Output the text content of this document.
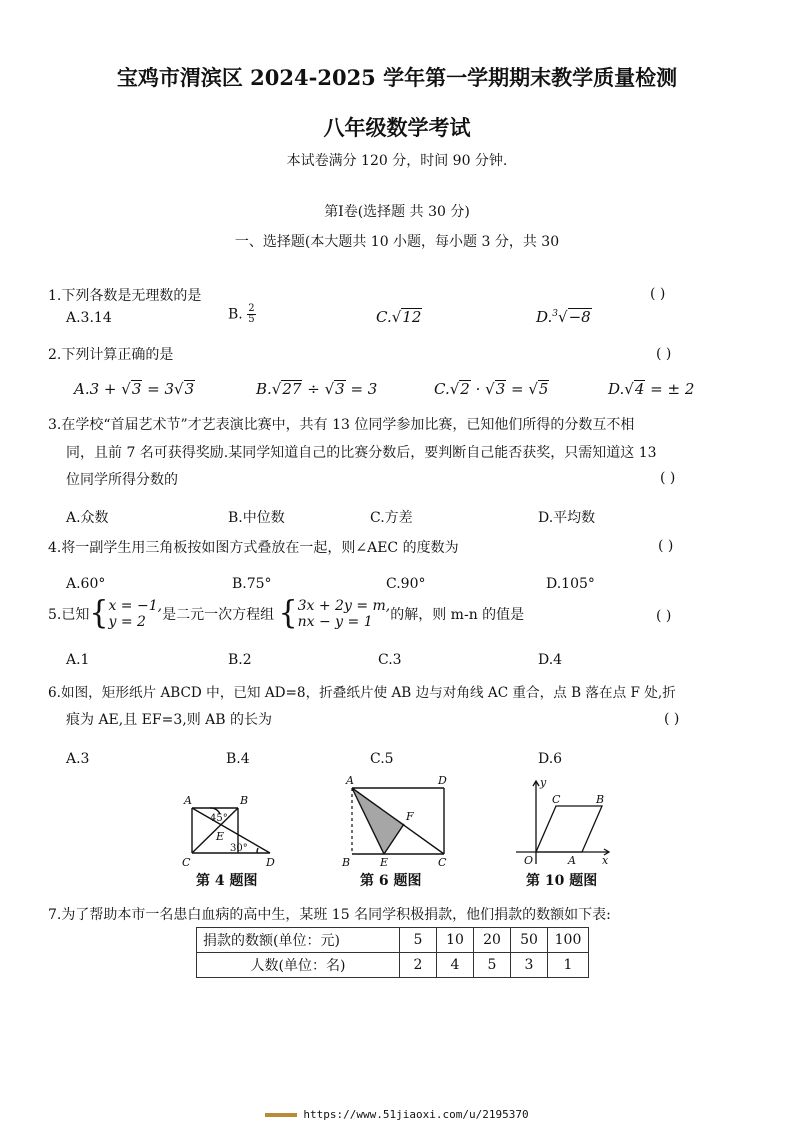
宝鸡市渭滨区 2024-2025 学年第一学期期末教学质量检测
八年级数学考试
本试卷满分 120 分，时间 90 分钟.
第Ⅰ卷(选择题 共 30 分)
一、选择题(本大题共 10 小题，每小题 3 分，共 30
1.下列各数是无理数的是	( )
A.3.14	B. $\frac{2}{5}$	C.√12	D.$^3$√−8
2.下列计算正确的是	( )
A.3 + √3 = 3√3	B.√27 ÷ √3 = 3	C.√2 · √3 = √5	D.√4 = ± 2
3.在学校“首届艺术节”才艺表演比赛中，共有 13 位同学参加比赛，已知他们所得的分数互不相
同，且前 7 名可获得奖励.某同学知道自己的比赛分数后，要判断自己能否获奖，只需知道这 13
位同学所得分数的	( )
A.众数	B.中位数	C.方差	D.平均数
4.将一副学生用三角板按如图方式叠放在一起，则∠AEC 的度数为	( )
A.60°	B.75°	C.90°	D.105°
5.已知{ x = −1,
y = 2	是二元一次方程组 { 3x + 2y = m,
nx − y = 1	的解，则 m-n 的值是	( )
A.1	B.2	C.3	D.4
6.如图，矩形纸片 ABCD 中，已知 AD=8，折叠纸片使 AB 边与对角线 AC 重合，点 B 落在点 F 处,折
痕为 AE,且 EF=3,则 AB 的长为	( )
A.3	B.4	C.5	D.6
A	B
C	D
E
45°
30°
第 4 题图
A	D
B	E	C
F
第 6 题图
y
x
O	A
B
C
第 10 题图
7.为了帮助本市一名患白血病的高中生，某班 15 名同学积极捐款，他们捐款的数额如下表:
捐款的数额(单位：元)	5	10	20	50	100
人数(单位：名)	2	4	5	3	1
https://www.51jiaoxi.com/u/2195370
